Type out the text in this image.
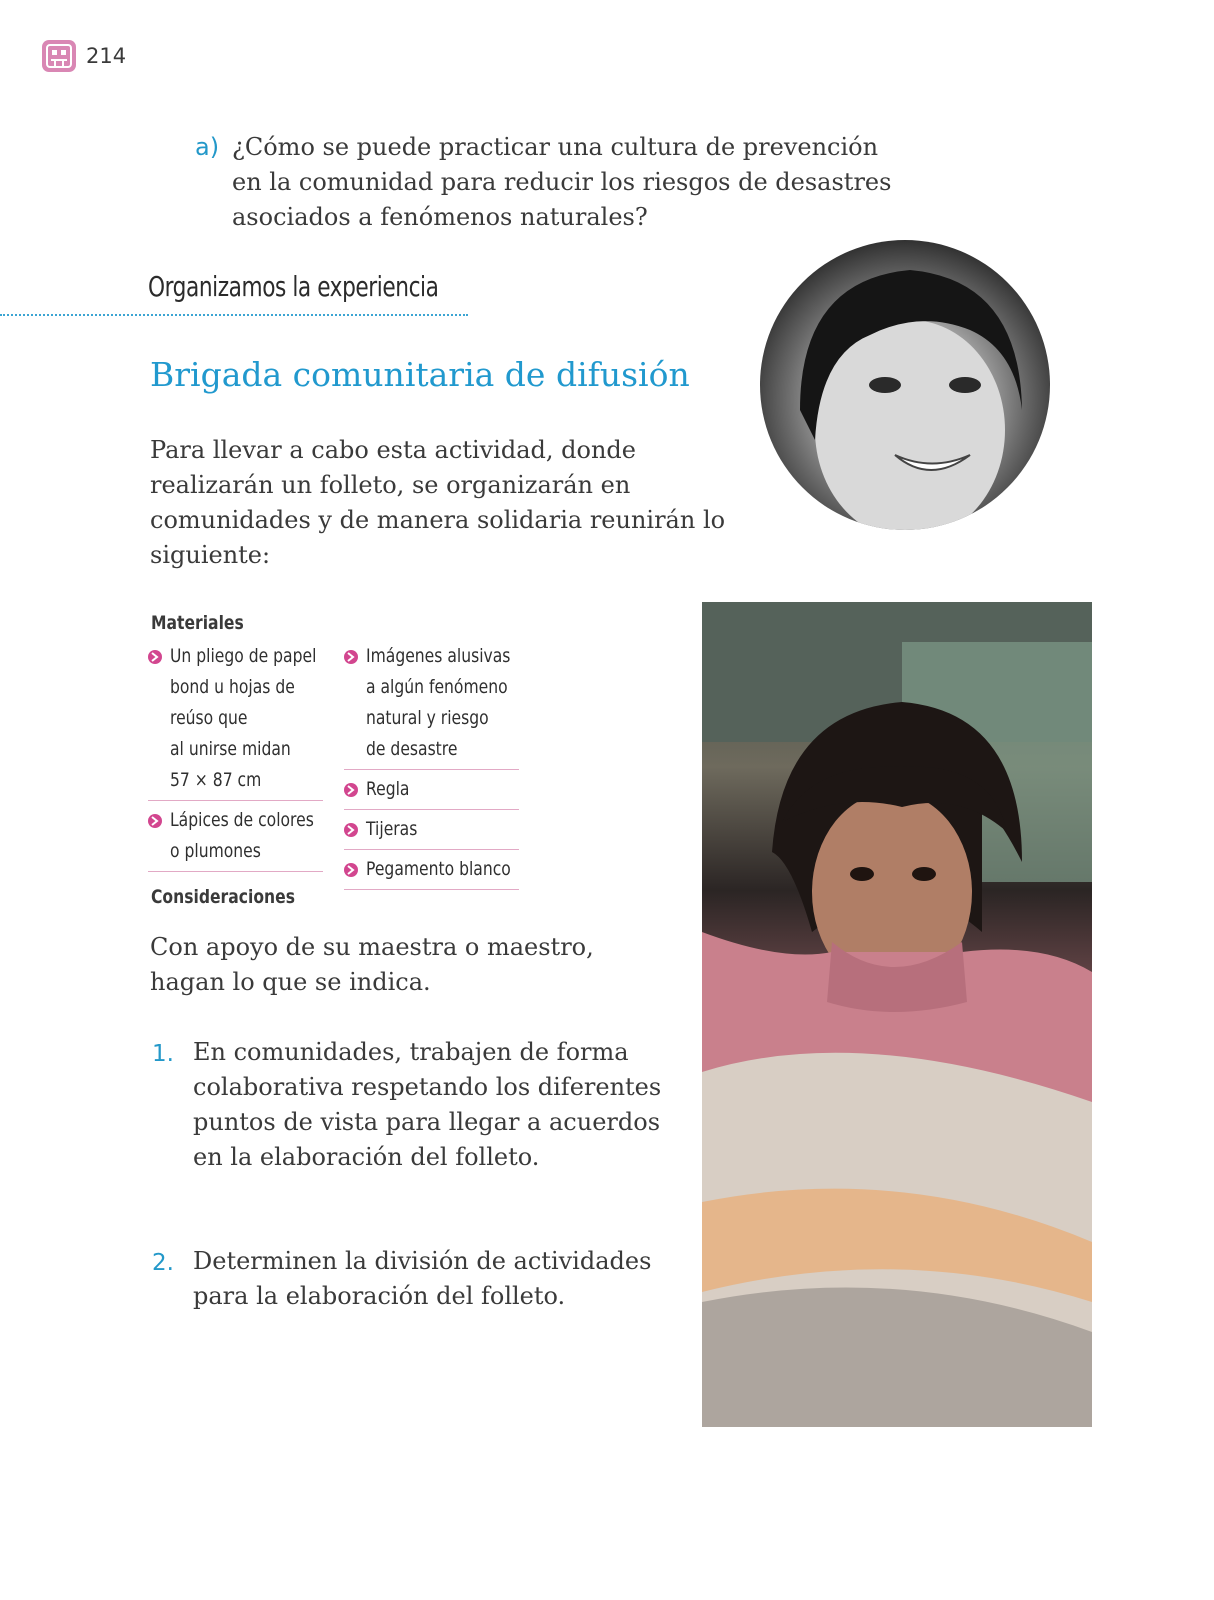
214
a) ¿Cómo se puede practicar una cultura de prevención en la comunidad para reducir los riesgos de desastres asociados a fenómenos naturales?
Organizamos la experiencia
Brigada comunitaria de difusión
Para llevar a cabo esta actividad, donde realizarán un folleto, se organizarán en comunidades y de manera solidaria reunirán lo siguiente:
Materiales
Un pliego de papel
bond u hojas de
reúso que
al unirse midan
57 × 87 cm
Lápices de colores
o plumones
Imágenes alusivas
a algún fenómeno
natural y riesgo
de desastre
Regla
Tijeras
Pegamento blanco
Consideraciones
Con apoyo de su maestra o maestro, hagan lo que se indica.
1. En comunidades, trabajen de forma colaborativa respetando los diferentes puntos de vista para llegar a acuerdos en la elaboración del folleto.
2. Determinen la división de actividades para la elaboración del folleto.
